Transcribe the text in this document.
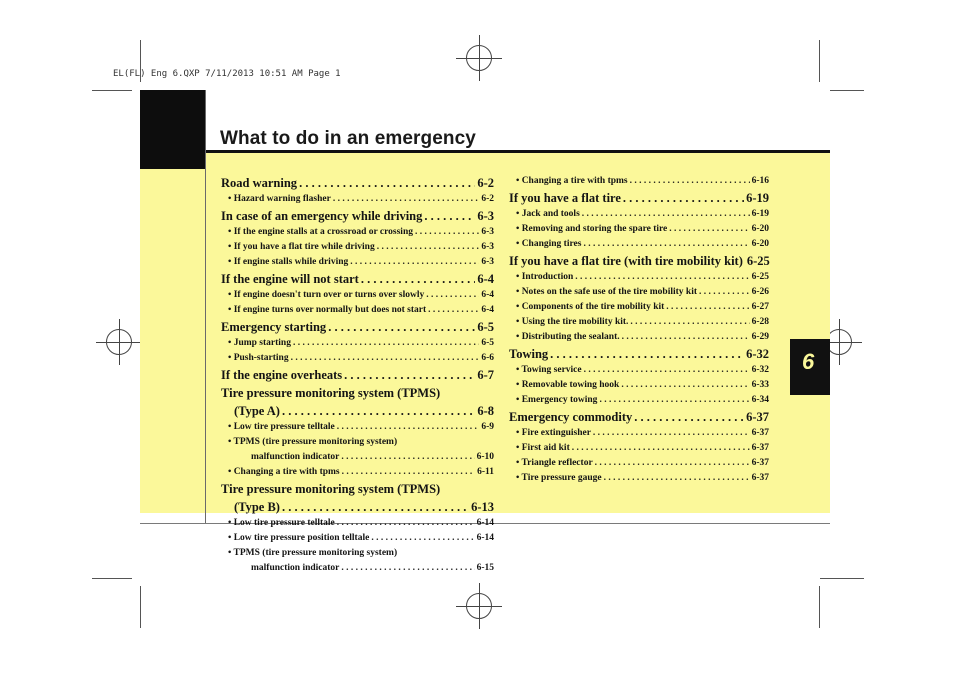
EL(FL) Eng 6.QXP 7/11/2013 10:51 AM Page 1
What to do in an emergency
6
Road warning . . .	6-2
• Hazard warning flasher . . .	6-2
In case of an emergency while driving . . .	6-3
• If the engine stalls at a crossroad or crossing . . .	6-3
• If you have a flat tire while driving . . .	6-3
• If engine stalls while driving . . .	6-3
If the engine will not start . . .	6-4
• If engine doesn't turn over or turns over slowly . . .	6-4
• If engine turns over normally but does not start . . .	6-4
Emergency starting . . .	6-5
• Jump starting . . .	6-5
• Push-starting . . .	6-6
If the engine overheats . . .	6-7
Tire pressure monitoring system (TPMS)
(Type A) . . .	6-8
• Low tire pressure telltale . . .	6-9
• TPMS (tire pressure monitoring system)
malfunction indicator . . .	6-10
• Changing a tire with tpms . . .	6-11
Tire pressure monitoring system (TPMS)
(Type B) . . .	6-13
• Low tire pressure telltale . . .	6-14
• Low tire pressure position telltale . . .	6-14
• TPMS (tire pressure monitoring system)
malfunction indicator . . .	6-15
• Changing a tire with tpms . . .	6-16
If you have a flat tire . . .	6-19
• Jack and tools . . .	6-19
• Removing and storing the spare tire . . .	6-20
• Changing tires . . .	6-20
If you have a flat tire (with tire mobility kit) 6-25
• Introduction . . .	6-25
• Notes on the safe use of the tire mobility kit . . .	6-26
• Components of the tire mobility kit . . .	6-27
• Using the tire mobility kit. . . .	6-28
• Distributing the sealant. . . .	6-29
Towing . . .	6-32
• Towing service . . .	6-32
• Removable towing hook . . .	6-33
• Emergency towing . . .	6-34
Emergency commodity . . .	6-37
• Fire extinguisher . . .	6-37
• First aid kit . . .	6-37
• Triangle reflector . . .	6-37
• Tire pressure gauge . . .	6-37
